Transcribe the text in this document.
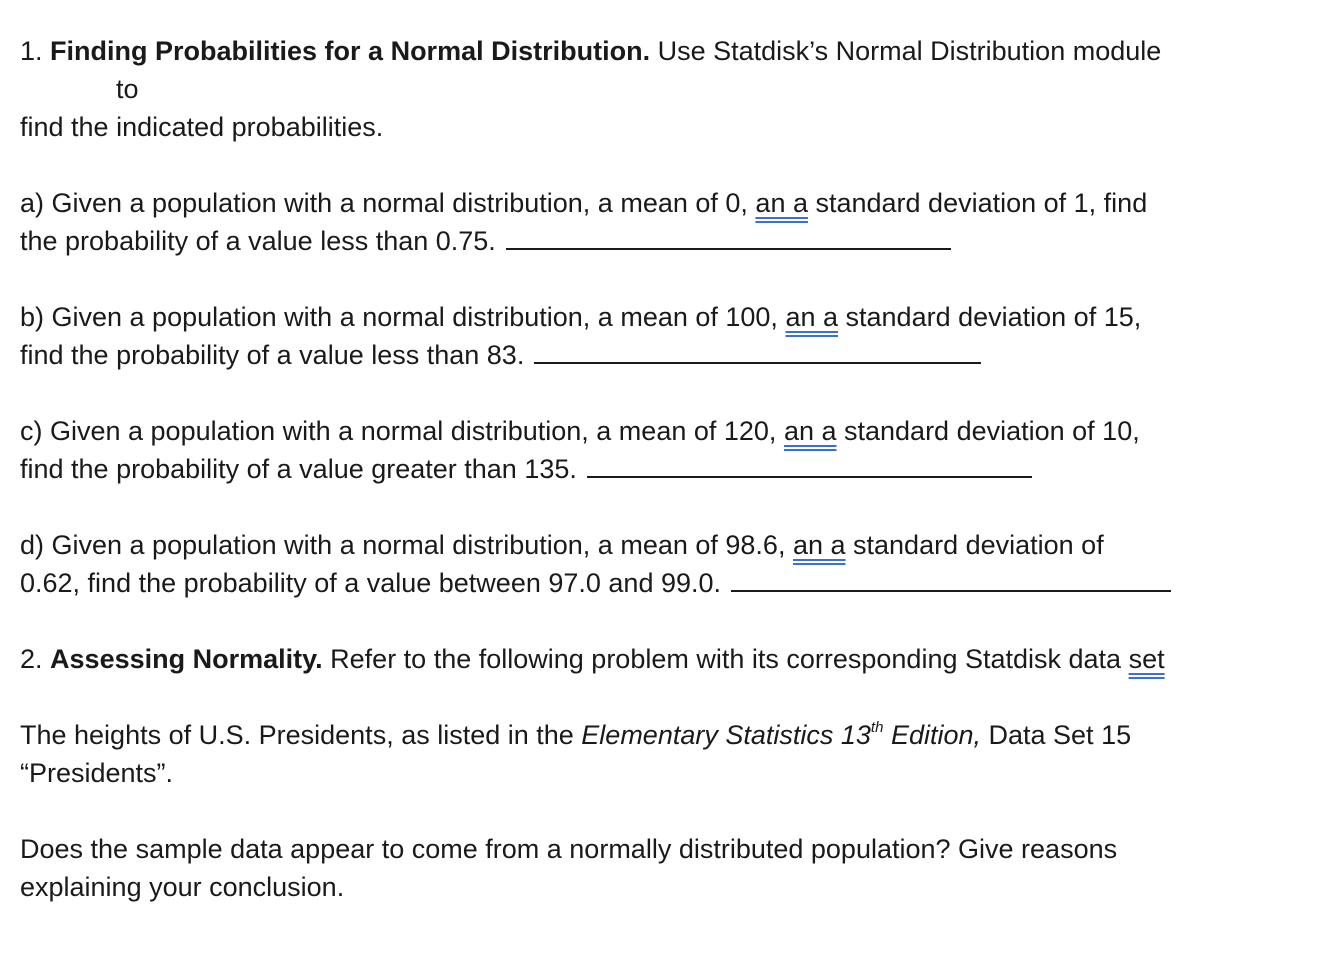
1. Finding Probabilities for a Normal Distribution. Use Statdisk’s Normal Distribution module
to
find the indicated probabilities.
a) Given a population with a normal distribution, a mean of 0, an a standard deviation of 1, find
the probability of a value less than 0.75.
b) Given a population with a normal distribution, a mean of 100, an a standard deviation of 15,
find the probability of a value less than 83.
c) Given a population with a normal distribution, a mean of 120, an a standard deviation of 10,
find the probability of a value greater than 135.
d) Given a population with a normal distribution, a mean of 98.6, an a standard deviation of
0.62, find the probability of a value between 97.0 and 99.0.
2. Assessing Normality. Refer to the following problem with its corresponding Statdisk data set
The heights of U.S. Presidents, as listed in the Elementary Statistics 13th Edition, Data Set 15
“Presidents”.
Does the sample data appear to come from a normally distributed population? Give reasons
explaining your conclusion.
